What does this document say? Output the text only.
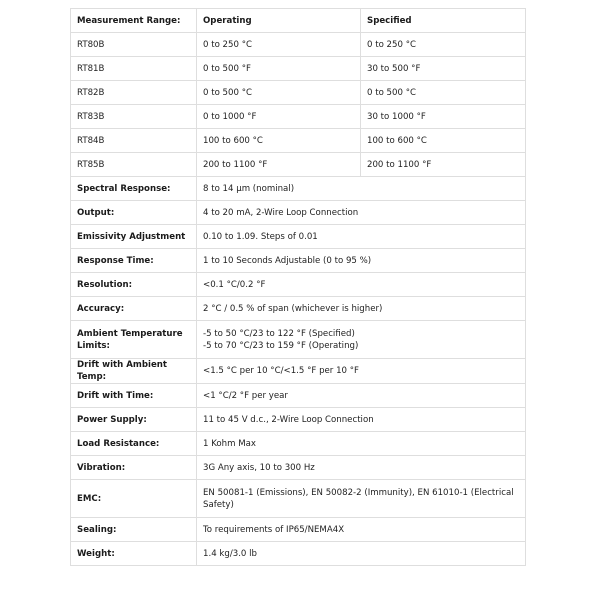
Measurement Range:	Operating	Specified
RT80B	0 to 250 °C	0 to 250 °C
RT81B	0 to 500 °F	30 to 500 °F
RT82B	0 to 500 °C	0 to 500 °C
RT83B	0 to 1000 °F	30 to 1000 °F
RT84B	100 to 600 °C	100 to 600 °C
RT85B	200 to 1100 °F	200 to 1100 °F
Spectral Response:	8 to 14 µm (nominal)	
Output:	4 to 20 mA, 2-Wire Loop Connection	
Emissivity Adjustment	0.10 to 1.09. Steps of 0.01	
Response Time:	1 to 10 Seconds Adjustable (0 to 95 %)	
Resolution:	<0.1 °C/0.2 °F	
Accuracy:	2 °C / 0.5 % of span (whichever is higher)	
Ambient Temperature Limits:	-5 to 50 °C/23 to 122 °F (Specified)
-5 to 70 °C/23 to 159 °F (Operating)	

Drift with Ambient Temp:	<1.5 °C per 10 °C/<1.5 °F per 10 °F	
Drift with Time:	<1 °C/2 °F per year	
Power Supply:	11 to 45 V d.c., 2-Wire Loop Connection	
Load Resistance:	1 Kohm Max	
Vibration:	3G Any axis, 10 to 300 Hz	
EMC:	EN 50081-1 (Emissions), EN 50082-2 (Immunity), EN 61010-1 (Electrical Safety)	
Sealing:	To requirements of IP65/NEMA4X	
Weight:	1.4 kg/3.0 lb	
